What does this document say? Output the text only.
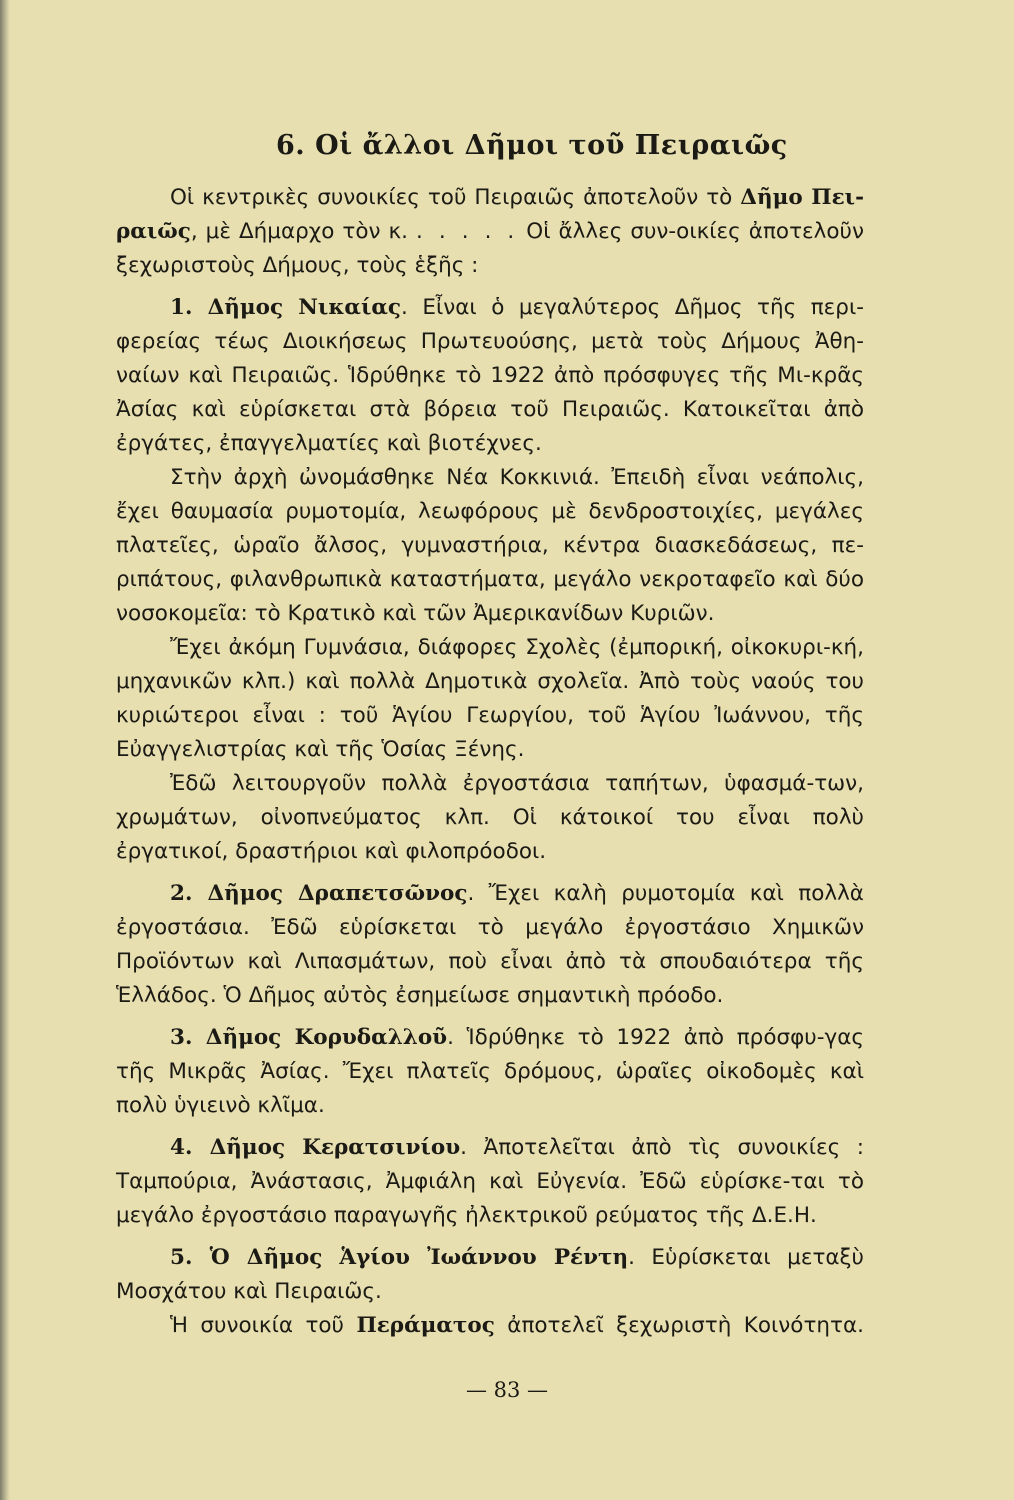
6. Οἱ ἄλλοι Δῆμοι τοῦ Πειραιῶς

Οἱ κεντρικὲς συνοικίες τοῦ Πειραιῶς ἀποτελοῦν τὸ Δῆμο Πει-ραιῶς, μὲ Δήμαρχο τὸν κ. . . . . . Οἱ ἄλλες συν-οικίες ἀποτελοῦν ξεχωριστοὺς Δήμους, τοὺς ἑξῆς :

1. Δῆμος Νικαίας. Εἶναι ὁ μεγαλύτερος Δῆμος τῆς περι-φερείας τέως Διοικήσεως Πρωτευούσης, μετὰ τοὺς Δήμους Ἀθη-ναίων καὶ Πειραιῶς. Ἱδρύθηκε τὸ 1922 ἀπὸ πρόσφυγες τῆς Μι-κρᾶς Ἀσίας καὶ εὑρίσκεται στὰ βόρεια τοῦ Πειραιῶς. Κατοικεῖται ἀπὸ ἐργάτες, ἐπαγγελματίες καὶ βιοτέχνες.

Στὴν ἀρχὴ ὠνομάσθηκε Νέα Κοκκινιά. Ἐπειδὴ εἶναι νεάπολις, ἔχει θαυμασία ρυμοτομία, λεωφόρους μὲ δενδροστοιχίες, μεγάλες πλατεῖες, ὡραῖο ἄλσος, γυμναστήρια, κέντρα διασκεδάσεως, πε-ριπάτους, φιλανθρωπικὰ καταστήματα, μεγάλο νεκροταφεῖο καὶ δύο νοσοκομεῖα: τὸ Κρατικὸ καὶ τῶν Ἀμερικανίδων Κυριῶν.

Ἔχει ἀκόμη Γυμνάσια, διάφορες Σχολὲς (ἐμπορική, οἰκοκυρι-κή, μηχανικῶν κλπ.) καὶ πολλὰ Δημοτικὰ σχολεῖα. Ἀπὸ τοὺς ναούς του κυριώτεροι εἶναι : τοῦ Ἁγίου Γεωργίου, τοῦ Ἁγίου Ἰωάννου, τῆς Εὐαγγελιστρίας καὶ τῆς Ὁσίας Ξένης.

Ἐδῶ λειτουργοῦν πολλὰ ἐργοστάσια ταπήτων, ὑφασμά-των, χρωμάτων, οἰνοπνεύματος κλπ. Οἱ κάτοικοί του εἶναι πολὺ ἐργατικοί, δραστήριοι καὶ φιλοπρόοδοι.

2. Δῆμος Δραπετσῶνος. Ἔχει καλὴ ρυμοτομία καὶ πολλὰ ἐργοστάσια. Ἐδῶ εὑρίσκεται τὸ μεγάλο ἐργοστάσιο Χημικῶν Προϊόντων καὶ Λιπασμάτων, ποὺ εἶναι ἀπὸ τὰ σπουδαιότερα τῆς Ἑλλάδος. Ὁ Δῆμος αὐτὸς ἐσημείωσε σημαντικὴ πρόοδο.

3. Δῆμος Κορυδαλλοῦ. Ἱδρύθηκε τὸ 1922 ἀπὸ πρόσφυ-γας τῆς Μικρᾶς Ἀσίας. Ἔχει πλατεῖς δρόμους, ὡραῖες οἰκοδομὲς καὶ πολὺ ὑγιεινὸ κλῖμα.

4. Δῆμος Κερατσινίου. Ἀποτελεῖται ἀπὸ τὶς συνοικίες : Ταμπούρια, Ἀνάστασις, Ἀμφιάλη καὶ Εὐγενία. Ἐδῶ εὑρίσκε-ται τὸ μεγάλο ἐργοστάσιο παραγωγῆς ἠλεκτρικοῦ ρεύματος τῆς Δ.Ε.Η.

5. Ὁ Δῆμος Ἁγίου Ἰωάννου Ρέντη. Εὑρίσκεται μεταξὺ Μοσχάτου καὶ Πειραιῶς.

Ἡ συνοικία τοῦ Περάματος ἀποτελεῖ ξεχωριστὴ Κοινότητα.

— 83 —
